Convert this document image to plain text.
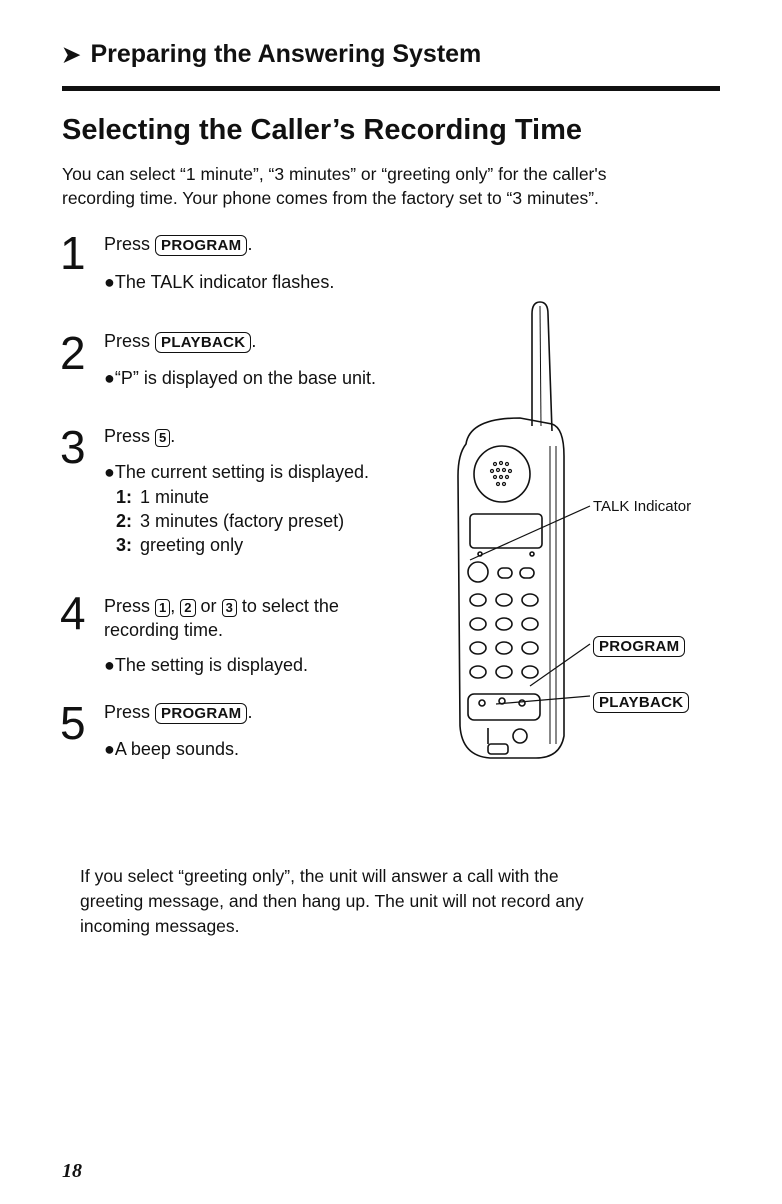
➤ Preparing the Answering System
Selecting the Caller’s Recording Time
You can select “1 minute”, “3 minutes” or “greeting only” for the caller's
recording time. Your phone comes from the factory set to “3 minutes”.
1 Press PROGRAM .
●The TALK indicator flashes.
2 Press PLAYBACK .
●“P” is displayed on the base unit.
3 Press 5 .
●The current setting is displayed.
1: 1 minute
2: 3 minutes (factory preset)
3: greeting only
4 Press 1 , 2 or 3 to select the
recording time.
●The setting is displayed.
5 Press PROGRAM .
●A beep sounds.
TALK Indicator
PROGRAM
PLAYBACK
If you select “greeting only”, the unit will answer a call with the
greeting message, and then hang up. The unit will not record any
incoming messages.
18
